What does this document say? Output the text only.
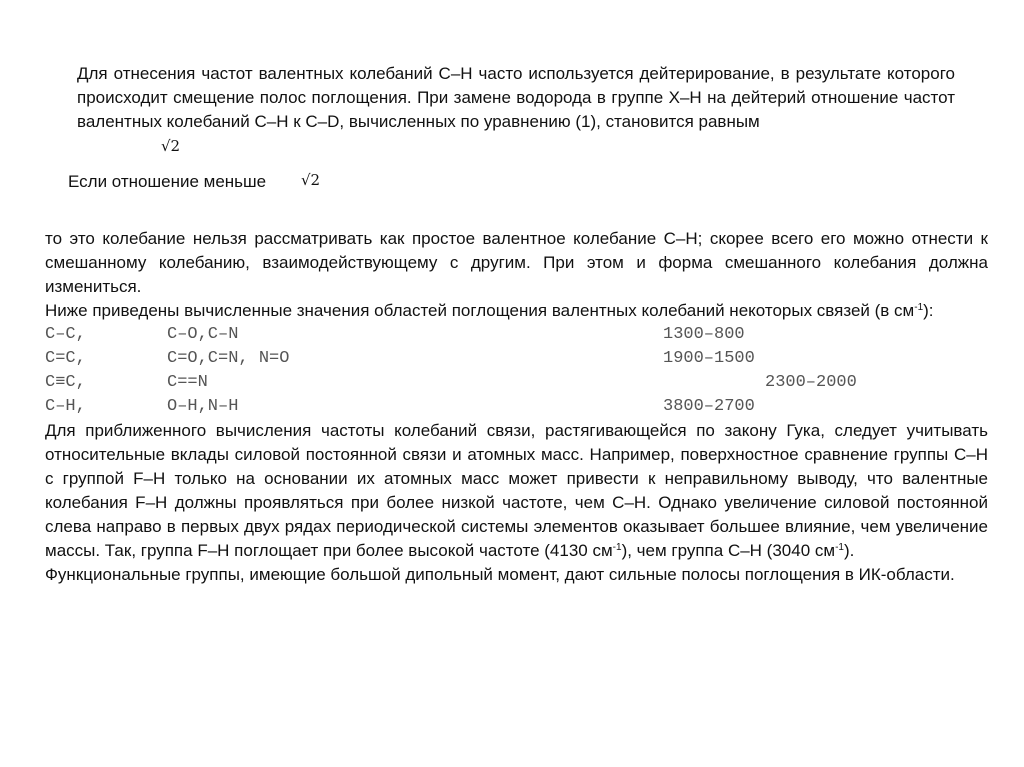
Для отнесения частот валентных колебаний С–Н часто используется дейтерирование, в результате которого происходит смещение полос поглощения. При замене водорода в группе Х–Н на дейтерий отношение частот валентных колебаний С–Н к С–D, вычисленных по уравнению (1), становится равным
√2

Если отношение меньше √2

то это колебание нельзя рассматривать как простое валентное колебание С–Н; скорее всего его можно отнести к смешанному колебанию, взаимодействующему с другим. При этом и форма смешанного колебания должна измениться.

Ниже приведены вычисленные значения областей поглощения валентных колебаний некоторых связей (в $см^{-1}$):

C–C,	C–O,C–N	1300–800
C=C,	C=O,C=N, N=O	1900–1500
C≡C,	C==N	2300–2000
C–H,	O–H,N–H	3800–2700

Для приближенного вычисления частоты колебаний связи, растягивающейся по закону Гука, следует учитывать относительные вклады силовой постоянной связи и атомных масс. Например, поверхностное сравнение группы С–Н с группой F–H только на основании их атомных масс может привести к неправильному выводу, что валентные колебания F–H должны проявляться при более низкой частоте, чем С–Н. Однако увеличение силовой постоянной слева направо в первых двух рядах периодической системы элементов оказывает большее влияние, чем увеличение массы. Так, группа F–H поглощает при более высокой частоте (4130 $см^{-1}$), чем группа С–Н (3040 $см^{-1}$).

Функциональные группы, имеющие большой дипольный момент, дают сильные полосы поглощения в ИК-области.
